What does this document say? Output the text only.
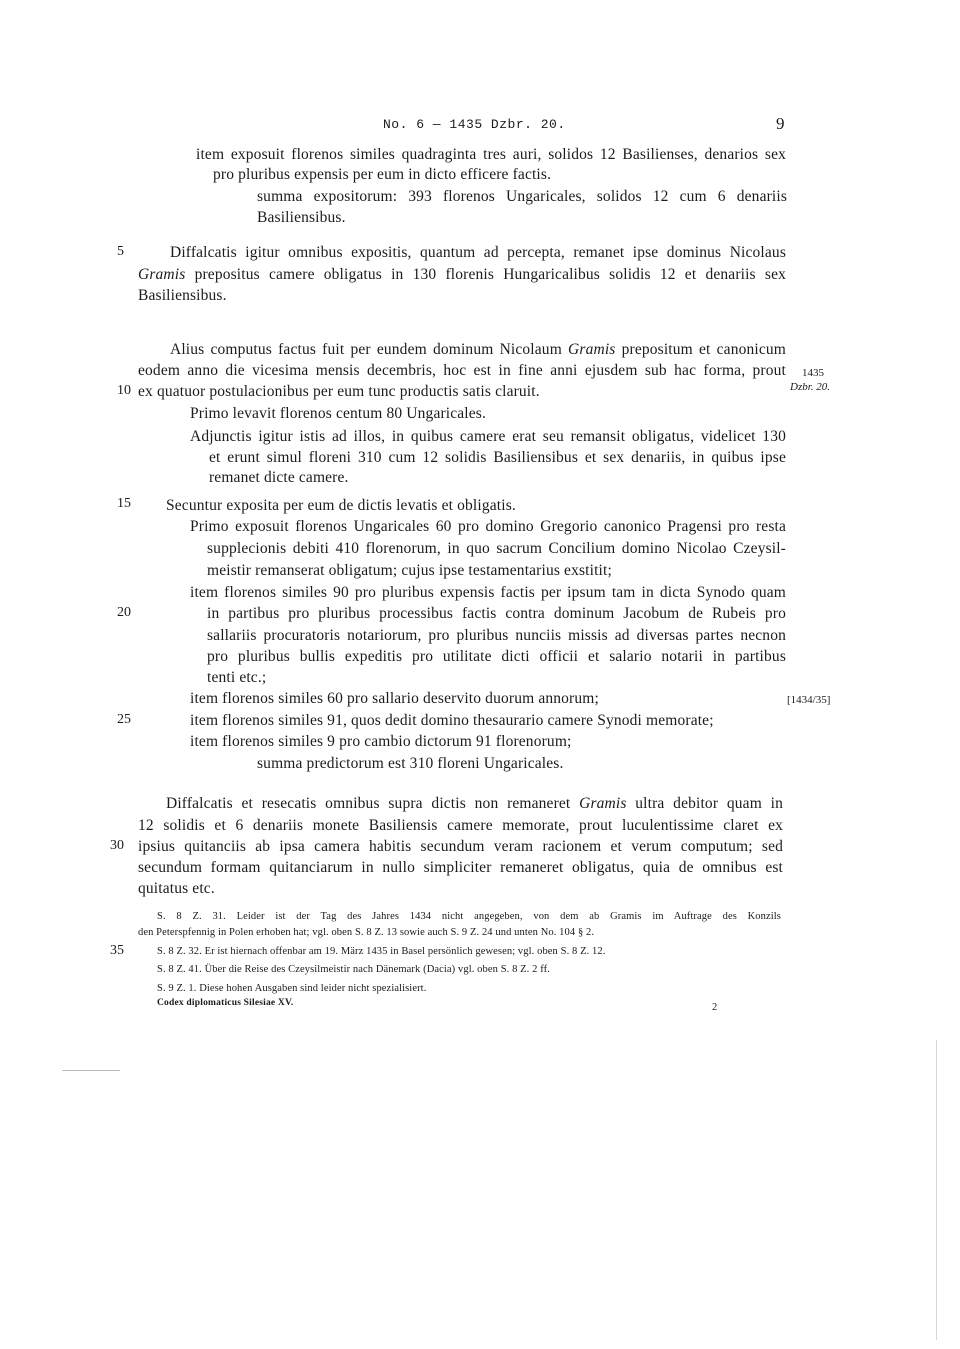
No. 6 — 1435 Dzbr. 20.	9
item exposuit florenos similes quadraginta tres auri, solidos 12 Basilienses, denarios sex
pro pluribus expensis per eum in dicto efficere factis.
summa expositorum: 393 florenos Ungaricales, solidos 12 cum 6 denariis
Basiliensibus.
5	Diffalcatis igitur omnibus expositis, quantum ad percepta, remanet ipse dominus Nicolaus
Gramis prepositus camere obligatus in 130 florenis Hungaricalibus solidis 12 et denariis sex
Basiliensibus.
Alius computus factus fuit per eundem dominum Nicolaum Gramis prepositum et canonicum
eodem anno die vicesima mensis decembris, hoc est in fine anni ejusdem sub hac forma, prout 1435
10 ex quatuor postulacionibus per eum tunc productis satis claruit.	Dzbr. 20.
Primo levavit florenos centum 80 Ungaricales.
Adjunctis igitur istis ad illos, in quibus camere erat seu remansit obligatus, videlicet 130
et erunt simul floreni 310 cum 12 solidis Basiliensibus et sex denariis, in quibus ipse
remanet dicte camere.
15 Secuntur exposita per eum de dictis levatis et obligatis.
Primo exposuit florenos Ungaricales 60 pro domino Gregorio canonico Pragensi pro resta
supplecionis debiti 410 florenorum, in quo sacrum Concilium domino Nicolao Czeysil-
meistir remanserat obligatum; cujus ipse testamentarius exstitit;
item florenos similes 90 pro pluribus expensis factis per ipsum tam in dicta Synodo quam
20	in partibus pro pluribus processibus factis contra dominum Jacobum de Rubeis pro
sallariis procuratoris notariorum, pro pluribus nunciis missis ad diversas partes necnon
pro pluribus bullis expeditis pro utilitate dicti officii et salario notarii in partibus
tenti etc.;
item florenos similes 60 pro sallario deservito duorum annorum;	[1434/35]
25	item florenos similes 91, quos dedit domino thesaurario camere Synodi memorate;
item florenos similes 9 pro cambio dictorum 91 florenorum;
summa predictorum est 310 floreni Ungaricales.
Diffalcatis et resecatis omnibus supra dictis non remaneret Gramis ultra debitor quam in
12 solidis et 6 denariis monete Basiliensis camere memorate, prout luculentissime claret ex
30 ipsius quitanciis ab ipsa camera habitis secundum veram racionem et verum computum; sed
secundum formam quitanciarum in nullo simpliciter remaneret obligatus, quia de omnibus est
quitatus etc.
S. 8 Z. 31. Leider ist der Tag des Jahres 1434 nicht angegeben, von dem ab Gramis im Auftrage des Konzils
den Peterspfennig in Polen erhoben hat; vgl. oben S. 8 Z. 13 sowie auch S. 9 Z. 24 und unten No. 104 § 2.
35	S. 8 Z. 32. Er ist hiernach offenbar am 19. März 1435 in Basel persönlich gewesen; vgl. oben S. 8 Z. 12.
S. 8 Z. 41. Über die Reise des Czeysilmeistir nach Dänemark (Dacia) vgl. oben S. 8 Z. 2 ff.
S. 9 Z. 1. Diese hohen Ausgaben sind leider nicht spezialisiert.
Codex diplomaticus Silesiae XV.	2
